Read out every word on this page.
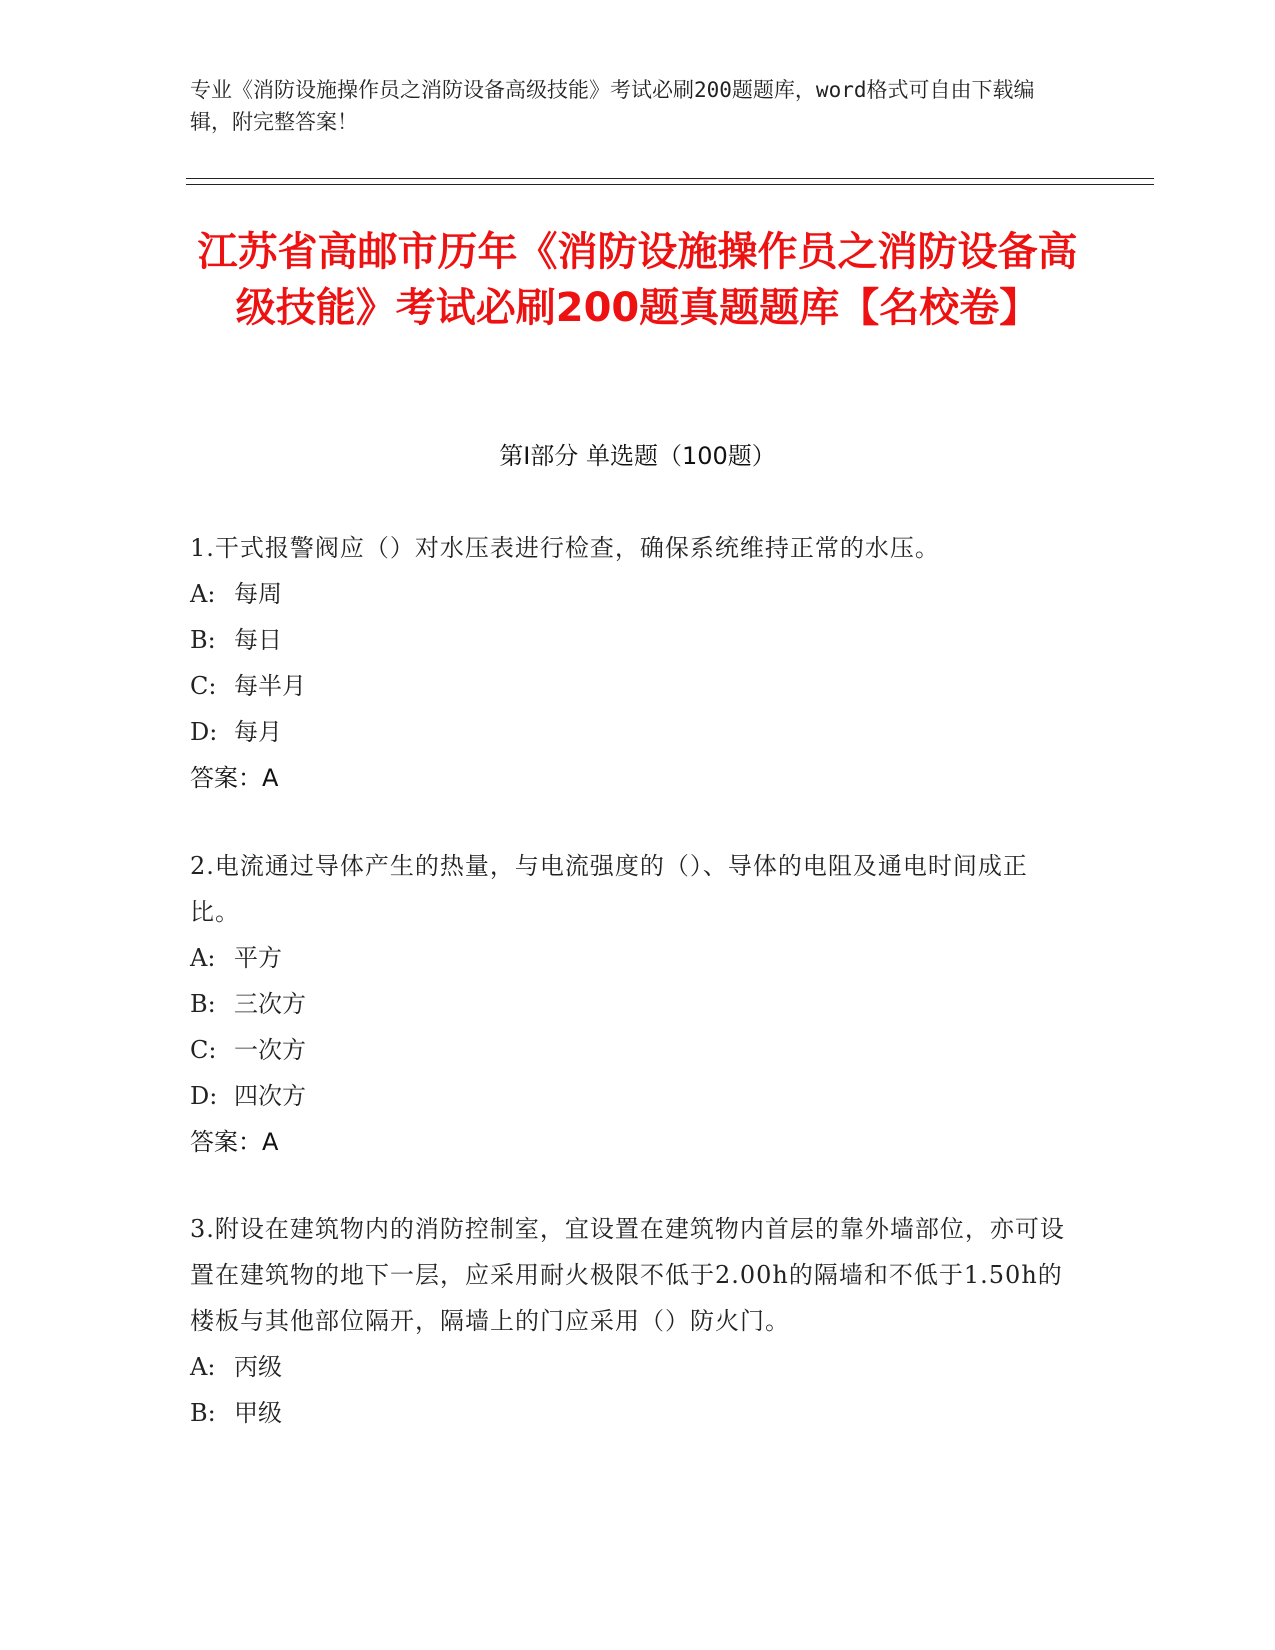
专业《消防设施操作员之消防设备高级技能》考试必刷200题题库，word格式可自由下载编辑，附完整答案！
江苏省高邮市历年《消防设施操作员之消防设备高级技能》考试必刷200题真题题库【名校卷】
第I部分 单选题（100题）
1.干式报警阀应（）对水压表进行检查，确保系统维持正常的水压。
A: 每周
B: 每日
C: 每半月
D: 每月
答案：A
2.电流通过导体产生的热量，与电流强度的（）、导体的电阻及通电时间成正比。
A: 平方
B: 三次方
C: 一次方
D: 四次方
答案：A
3.附设在建筑物内的消防控制室，宜设置在建筑物内首层的靠外墙部位，亦可设置在建筑物的地下一层，应采用耐火极限不低于2.00h的隔墙和不低于1.50h的楼板与其他部位隔开，隔墙上的门应采用（）防火门。
A: 丙级
B: 甲级
